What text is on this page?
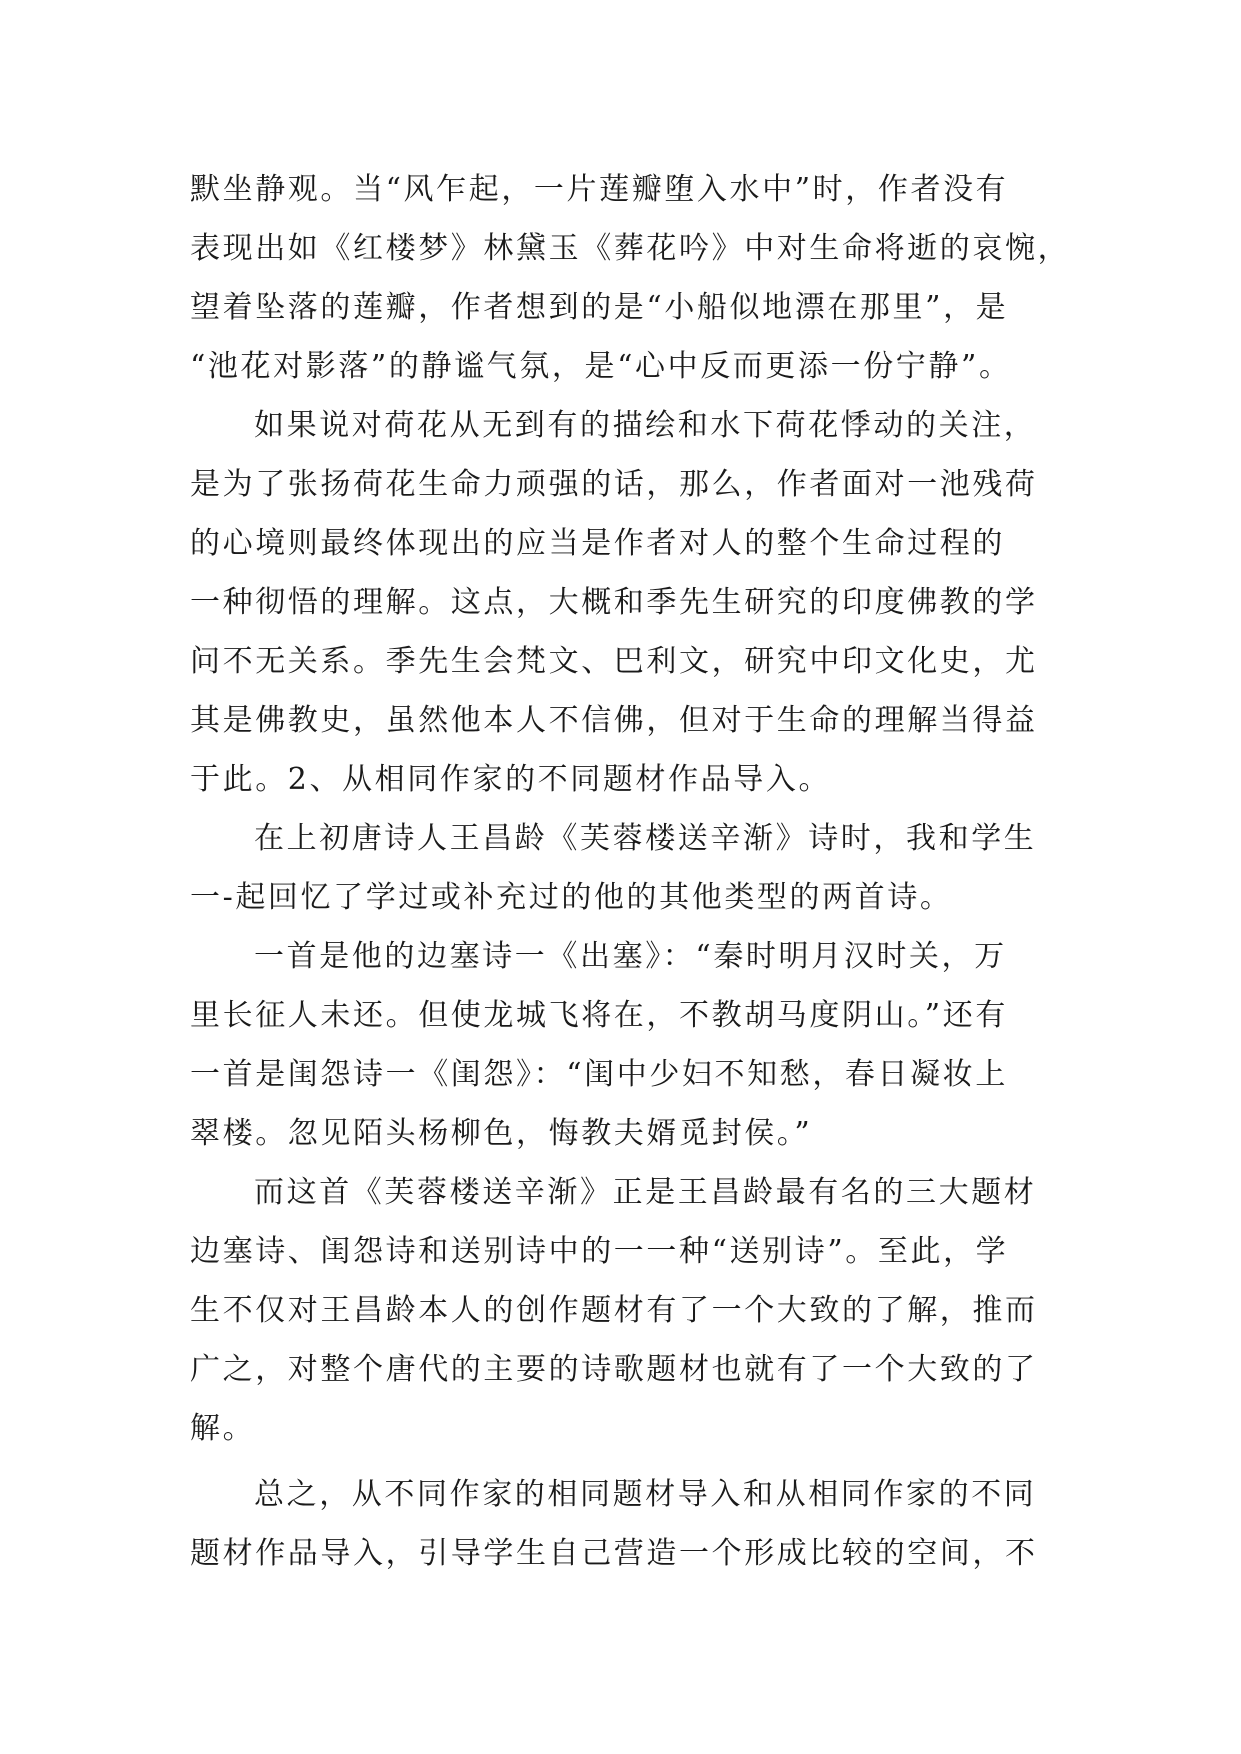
默坐静观。当“风乍起，一片莲瓣堕入水中”时，作者没有
表现出如《红楼梦》林黛玉《葬花吟》中对生命将逝的哀惋，
望着坠落的莲瓣，作者想到的是“小船似地漂在那里”，是
“池花对影落”的静谧气氛，是“心中反而更添一份宁静”。
如果说对荷花从无到有的描绘和水下荷花悸动的关注，
是为了张扬荷花生命力顽强的话，那么，作者面对一池残荷
的心境则最终体现出的应当是作者对人的整个生命过程的
一种彻悟的理解。这点，大概和季先生研究的印度佛教的学
问不无关系。季先生会梵文、巴利文，研究中印文化史，尤
其是佛教史，虽然他本人不信佛，但对于生命的理解当得益
于此。2、从相同作家的不同题材作品导入。
在上初唐诗人王昌龄《芙蓉楼送辛渐》诗时，我和学生
一-起回忆了学过或补充过的他的其他类型的两首诗。
一首是他的边塞诗一《出塞》：“秦时明月汉时关，万
里长征人未还。但使龙城飞将在，不教胡马度阴山。”还有
一首是闺怨诗一《闺怨》：“闺中少妇不知愁，春日凝妆上
翠楼。忽见陌头杨柳色，悔教夫婿觅封侯。”
而这首《芙蓉楼送辛渐》正是王昌龄最有名的三大题材
边塞诗、闺怨诗和送别诗中的一一种“送别诗”。至此，学
生不仅对王昌龄本人的创作题材有了一个大致的了解，推而
广之，对整个唐代的主要的诗歌题材也就有了一个大致的了
解。
总之，从不同作家的相同题材导入和从相同作家的不同
题材作品导入，引导学生自己营造一个形成比较的空间，不
